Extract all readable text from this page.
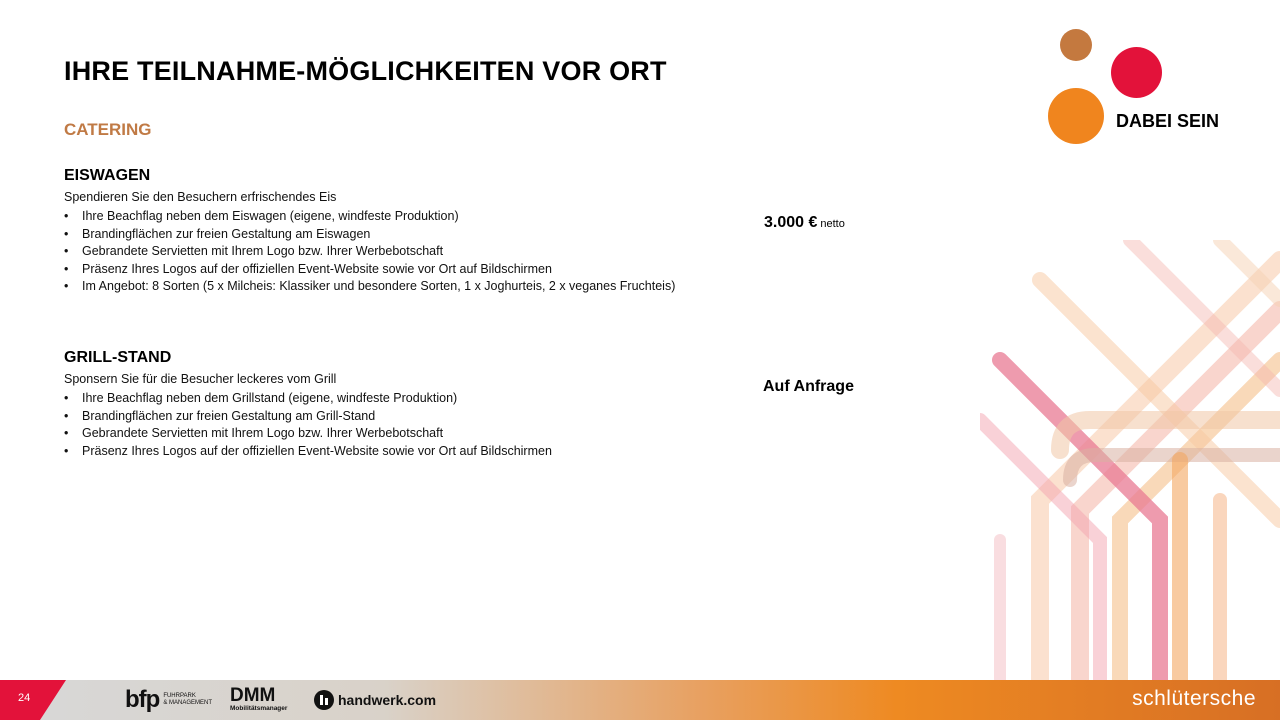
IHRE TEILNAHME-MÖGLICHKEITEN VOR ORT
CATERING	DABEI SEIN
EISWAGEN

Spendieren Sie den Besuchern erfrischendes Eis

• Ihre Beachflag neben dem Eiswagen (eigene, windfeste Produktion)
• Brandingflächen zur freien Gestaltung am Eiswagen
• Gebrandete Servietten mit Ihrem Logo bzw. Ihrer Werbebotschaft
• Präsenz Ihres Logos auf der offiziellen Event-Website sowie vor Ort auf Bildschirmen
• Im Angebot: 8 Sorten (5 x Milcheis: Klassiker und besondere Sorten, 1 x Joghurteis, 2 x veganes Fruchteis)
3.000 € netto
GRILL-STAND

Sponsern Sie für die Besucher leckeres vom Grill

• Ihre Beachflag neben dem Grillstand (eigene, windfeste Produktion)
• Brandingflächen zur freien Gestaltung am Grill-Stand
• Gebrandete Servietten mit Ihrem Logo bzw. Ihrer Werbebotschaft
• Präsenz Ihres Logos auf der offiziellen Event-Website sowie vor Ort auf Bildschirmen
Auf Anfrage
24	bfp FUHRPARK
& MANAGEMENT DMM
Mobilitätsmanager
handwerk.com	schlütersche
